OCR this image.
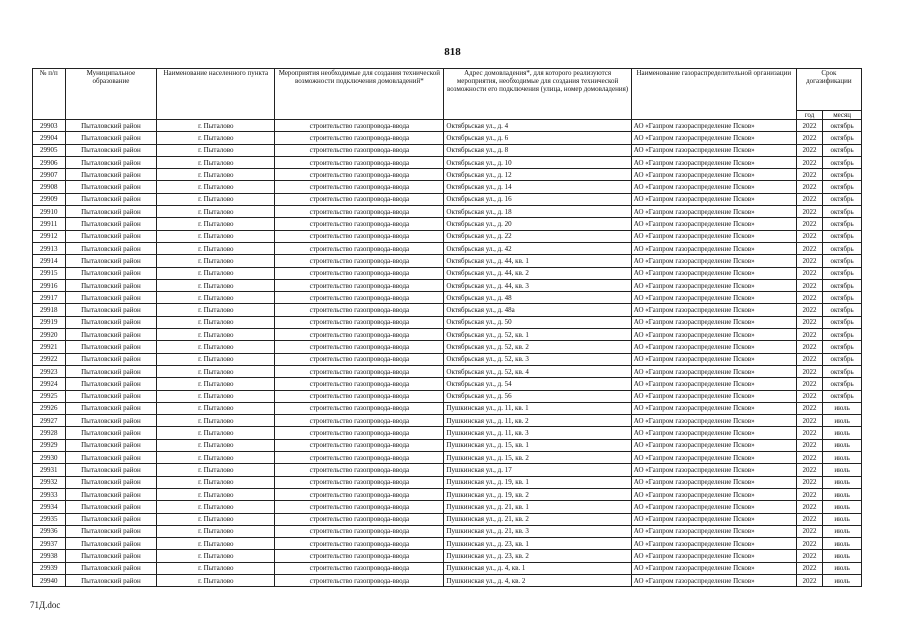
818
№ п/п	Муниципальное образование	Наименование населенного пункта	Мероприятия необходимые для создания технической возможности подключения домовладений*	Адрес домовладения*, для которого реализуются мероприятия, необходимые для создания технической возможности его подключения (улица, номер домовладения)	Наименование газораспределительной организации	Срок догазификации	
						год	месяц
29903	Пыталовский район	г. Пыталово	строительство газопровода-ввода	Октябрьская ул., д. 4	АО «Газпром газораспределение Псков»	2022	октябрь
29904	Пыталовский район	г. Пыталово	строительство газопровода-ввода	Октябрьская ул., д. 6	АО «Газпром газораспределение Псков»	2022	октябрь
29905	Пыталовский район	г. Пыталово	строительство газопровода-ввода	Октябрьская ул., д. 8	АО «Газпром газораспределение Псков»	2022	октябрь
29906	Пыталовский район	г. Пыталово	строительство газопровода-ввода	Октябрьская ул., д. 10	АО «Газпром газораспределение Псков»	2022	октябрь
29907	Пыталовский район	г. Пыталово	строительство газопровода-ввода	Октябрьская ул., д. 12	АО «Газпром газораспределение Псков»	2022	октябрь
29908	Пыталовский район	г. Пыталово	строительство газопровода-ввода	Октябрьская ул., д. 14	АО «Газпром газораспределение Псков»	2022	октябрь
29909	Пыталовский район	г. Пыталово	строительство газопровода-ввода	Октябрьская ул., д. 16	АО «Газпром газораспределение Псков»	2022	октябрь
29910	Пыталовский район	г. Пыталово	строительство газопровода-ввода	Октябрьская ул., д. 18	АО «Газпром газораспределение Псков»	2022	октябрь
29911	Пыталовский район	г. Пыталово	строительство газопровода-ввода	Октябрьская ул., д. 20	АО «Газпром газораспределение Псков»	2022	октябрь
29912	Пыталовский район	г. Пыталово	строительство газопровода-ввода	Октябрьская ул., д. 22	АО «Газпром газораспределение Псков»	2022	октябрь
29913	Пыталовский район	г. Пыталово	строительство газопровода-ввода	Октябрьская ул., д. 42	АО «Газпром газораспределение Псков»	2022	октябрь
29914	Пыталовский район	г. Пыталово	строительство газопровода-ввода	Октябрьская ул., д. 44, кв. 1	АО «Газпром газораспределение Псков»	2022	октябрь
29915	Пыталовский район	г. Пыталово	строительство газопровода-ввода	Октябрьская ул., д. 44, кв. 2	АО «Газпром газораспределение Псков»	2022	октябрь
29916	Пыталовский район	г. Пыталово	строительство газопровода-ввода	Октябрьская ул., д. 44, кв. 3	АО «Газпром газораспределение Псков»	2022	октябрь
29917	Пыталовский район	г. Пыталово	строительство газопровода-ввода	Октябрьская ул., д. 48	АО «Газпром газораспределение Псков»	2022	октябрь
29918	Пыталовский район	г. Пыталово	строительство газопровода-ввода	Октябрьская ул., д. 48а	АО «Газпром газораспределение Псков»	2022	октябрь
29919	Пыталовский район	г. Пыталово	строительство газопровода-ввода	Октябрьская ул., д. 50	АО «Газпром газораспределение Псков»	2022	октябрь
29920	Пыталовский район	г. Пыталово	строительство газопровода-ввода	Октябрьская ул., д. 52, кв. 1	АО «Газпром газораспределение Псков»	2022	октябрь
29921	Пыталовский район	г. Пыталово	строительство газопровода-ввода	Октябрьская ул., д. 52, кв. 2	АО «Газпром газораспределение Псков»	2022	октябрь
29922	Пыталовский район	г. Пыталово	строительство газопровода-ввода	Октябрьская ул., д. 52, кв. 3	АО «Газпром газораспределение Псков»	2022	октябрь
29923	Пыталовский район	г. Пыталово	строительство газопровода-ввода	Октябрьская ул., д. 52, кв. 4	АО «Газпром газораспределение Псков»	2022	октябрь
29924	Пыталовский район	г. Пыталово	строительство газопровода-ввода	Октябрьская ул., д. 54	АО «Газпром газораспределение Псков»	2022	октябрь
29925	Пыталовский район	г. Пыталово	строительство газопровода-ввода	Октябрьская ул., д. 56	АО «Газпром газораспределение Псков»	2022	октябрь
29926	Пыталовский район	г. Пыталово	строительство газопровода-ввода	Пушкинская ул., д. 11, кв. 1	АО «Газпром газораспределение Псков»	2022	июль
29927	Пыталовский район	г. Пыталово	строительство газопровода-ввода	Пушкинская ул., д. 11, кв. 2	АО «Газпром газораспределение Псков»	2022	июль
29928	Пыталовский район	г. Пыталово	строительство газопровода-ввода	Пушкинская ул., д. 11, кв. 3	АО «Газпром газораспределение Псков»	2022	июль
29929	Пыталовский район	г. Пыталово	строительство газопровода-ввода	Пушкинская ул., д. 15, кв. 1	АО «Газпром газораспределение Псков»	2022	июль
29930	Пыталовский район	г. Пыталово	строительство газопровода-ввода	Пушкинская ул., д. 15, кв. 2	АО «Газпром газораспределение Псков»	2022	июль
29931	Пыталовский район	г. Пыталово	строительство газопровода-ввода	Пушкинская ул., д. 17	АО «Газпром газораспределение Псков»	2022	июль
29932	Пыталовский район	г. Пыталово	строительство газопровода-ввода	Пушкинская ул., д. 19, кв. 1	АО «Газпром газораспределение Псков»	2022	июль
29933	Пыталовский район	г. Пыталово	строительство газопровода-ввода	Пушкинская ул., д. 19, кв. 2	АО «Газпром газораспределение Псков»	2022	июль
29934	Пыталовский район	г. Пыталово	строительство газопровода-ввода	Пушкинская ул., д. 21, кв. 1	АО «Газпром газораспределение Псков»	2022	июль
29935	Пыталовский район	г. Пыталово	строительство газопровода-ввода	Пушкинская ул., д. 21, кв. 2	АО «Газпром газораспределение Псков»	2022	июль
29936	Пыталовский район	г. Пыталово	строительство газопровода-ввода	Пушкинская ул., д. 21, кв. 3	АО «Газпром газораспределение Псков»	2022	июль
29937	Пыталовский район	г. Пыталово	строительство газопровода-ввода	Пушкинская ул., д. 23, кв. 1	АО «Газпром газораспределение Псков»	2022	июль
29938	Пыталовский район	г. Пыталово	строительство газопровода-ввода	Пушкинская ул., д. 23, кв. 2	АО «Газпром газораспределение Псков»	2022	июль
29939	Пыталовский район	г. Пыталово	строительство газопровода-ввода	Пушкинская ул., д. 4, кв. 1	АО «Газпром газораспределение Псков»	2022	июль
29940	Пыталовский район	г. Пыталово	строительство газопровода-ввода	Пушкинская ул., д. 4, кв. 2	АО «Газпром газораспределение Псков»	2022	июль
71Д.doc
